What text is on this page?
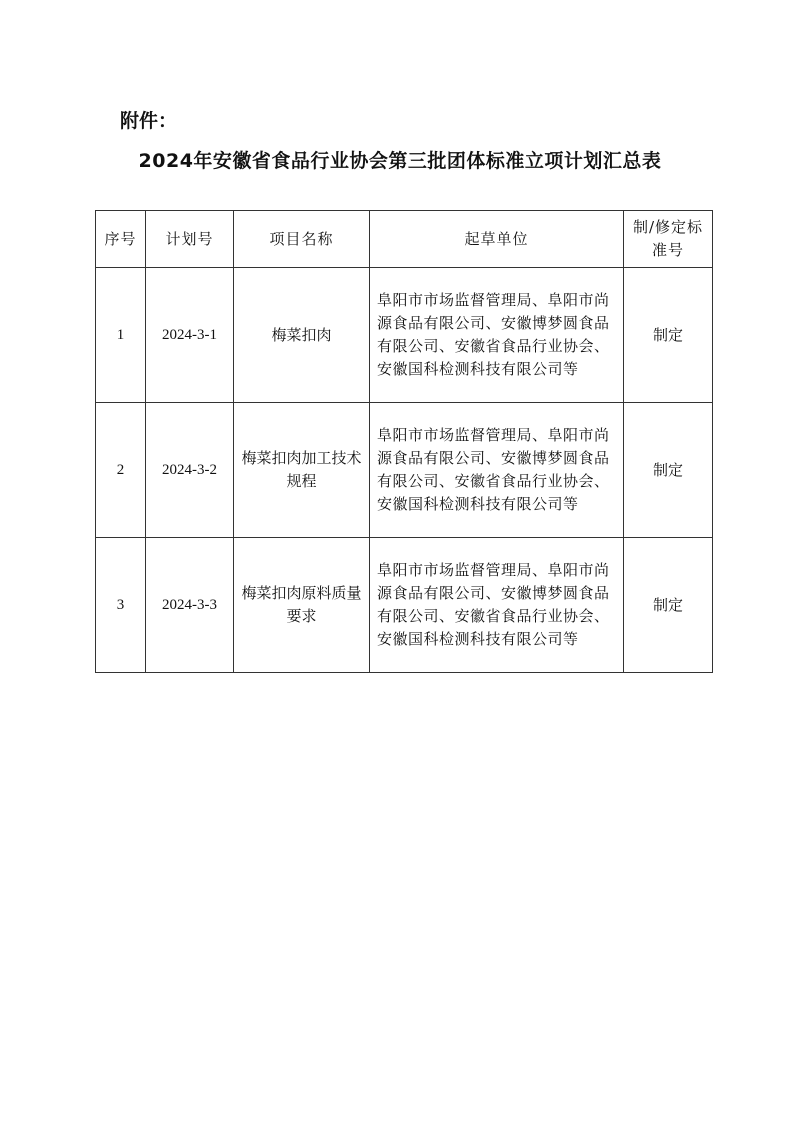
附件：
2024年安徽省食品行业协会第三批团体标准立项计划汇总表
序号	计划号	项目名称	起草单位	制/修定标准号
1	2024-3-1	梅菜扣肉	阜阳市市场监督管理局、阜阳市尚源食品有限公司、安徽博梦圆食品有限公司、安徽省食品行业协会、安徽国科检测科技有限公司等	制定
2	2024-3-2	梅菜扣肉加工技术规程	阜阳市市场监督管理局、阜阳市尚源食品有限公司、安徽博梦圆食品有限公司、安徽省食品行业协会、安徽国科检测科技有限公司等	制定
3	2024-3-3	梅菜扣肉原料质量要求	阜阳市市场监督管理局、阜阳市尚源食品有限公司、安徽博梦圆食品有限公司、安徽省食品行业协会、安徽国科检测科技有限公司等	制定
